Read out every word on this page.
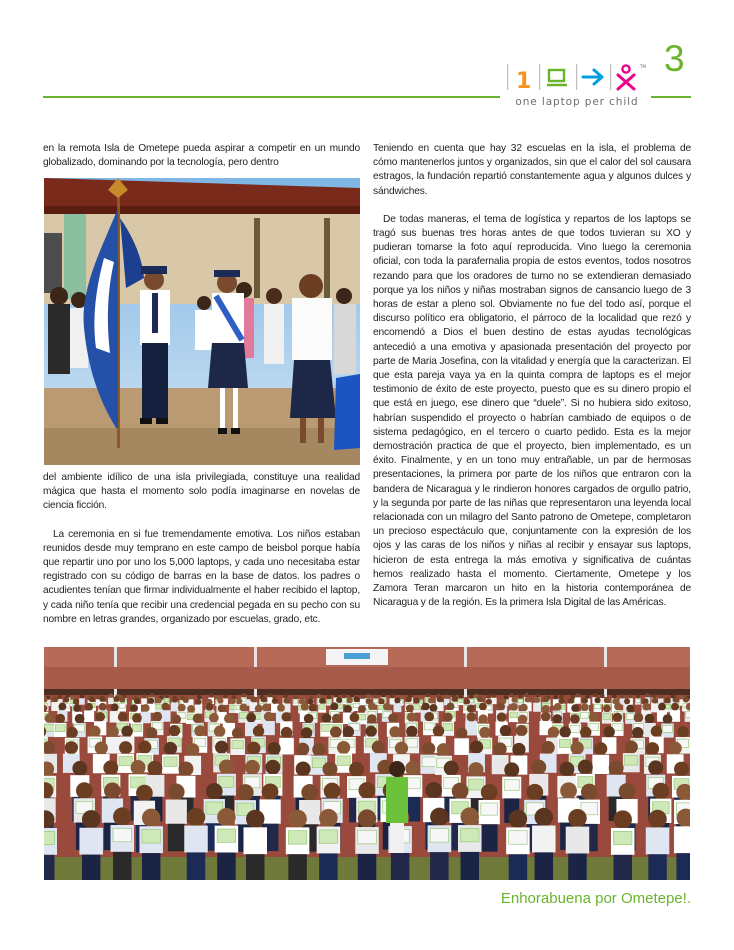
1
TM
one laptop per child
3

en la remota Isla de Ometepe pueda aspirar a competir en un mundo globalizado, dominando por la tecnología, pero dentro

del ambiente idílico de una isla privilegiada, constituye una realidad mágica que hasta el momento solo podía imaginarse en novelas de ciencia ficción.

La ceremonia en si fue tremendamente emotiva. Los niños estaban reunidos desde muy temprano en este campo de beisbol porque había que repartir uno por uno los 5,000 laptops, y cada uno necesitaba estar registrado con su código de barras en la base de datos. los padres o acudientes tenían que firmar individualmente el haber recibido el laptop, y cada niño tenía que recibir una credencial pegada en su pecho con su nombre en letras grandes, organizado por escuelas, grado, etc.

Teniendo en cuenta que hay 32 escuelas en la isla, el problema de cómo mantenerlos juntos y organizados, sin que el calor del sol causara estragos, la fundación repartió constantemente agua y algunos dulces y sándwiches.

De todas maneras, el tema de logística y repartos de los laptops se tragó sus buenas tres horas antes de que todos tuvieran su XO y pudieran tomarse la foto aquí reproducida. Vino luego la ceremonia oficial, con toda la parafernalia propia de estos eventos, todos nosotros rezando para que los oradores de turno no se extendieran demasiado porque ya los niños y niñas mostraban signos de cansancio luego de 3 horas de estar a pleno sol. Obviamente no fue del todo así, porque el discurso político era obligatorio, el párroco de la localidad que rezó y encomendó a Dios el buen destino de estas ayudas tecnológicas antecedió a una emotiva y apasionada presentación del proyecto por parte de Maria Josefina, con la vitalidad y energía que la caracterizan. El que esta pareja vaya ya en la quinta compra de laptops es el mejor testimonio de éxito de este proyecto, puesto que es su dinero propio el que está en juego, ese dinero que “duele”. Si no hubiera sido exitoso, habrían suspendido el proyecto o habrían cambiado de equipos o de sistema pedagógico, en el tercero o cuarto pedido. Esta es la mejor demostración practica de que el proyecto, bien implementado, es un éxito. Finalmente, y en un tono muy entrañable, un par de hermosas presentaciones, la primera por parte de los niños que entraron con la bandera de Nicaragua y le rindieron honores cargados de orgullo patrio, y la segunda por parte de las niñas que representaron una leyenda local relacionada con un milagro del Santo patrono de Ometepe, completaron un precioso espectáculo que, conjuntamente con la expresión de los ojos y las caras de los niños y niñas al recibir y ensayar sus laptops, hicieron de esta entrega la más emotiva y significativa de cuántas hemos realizado hasta el momento. Ciertamente, Ometepe y los Zamora Teran marcaron un hito en la historia contemporánea de Nicaragua y de la región. Es la primera Isla Digital de las Américas.

Enhorabuena por Ometepe!.
